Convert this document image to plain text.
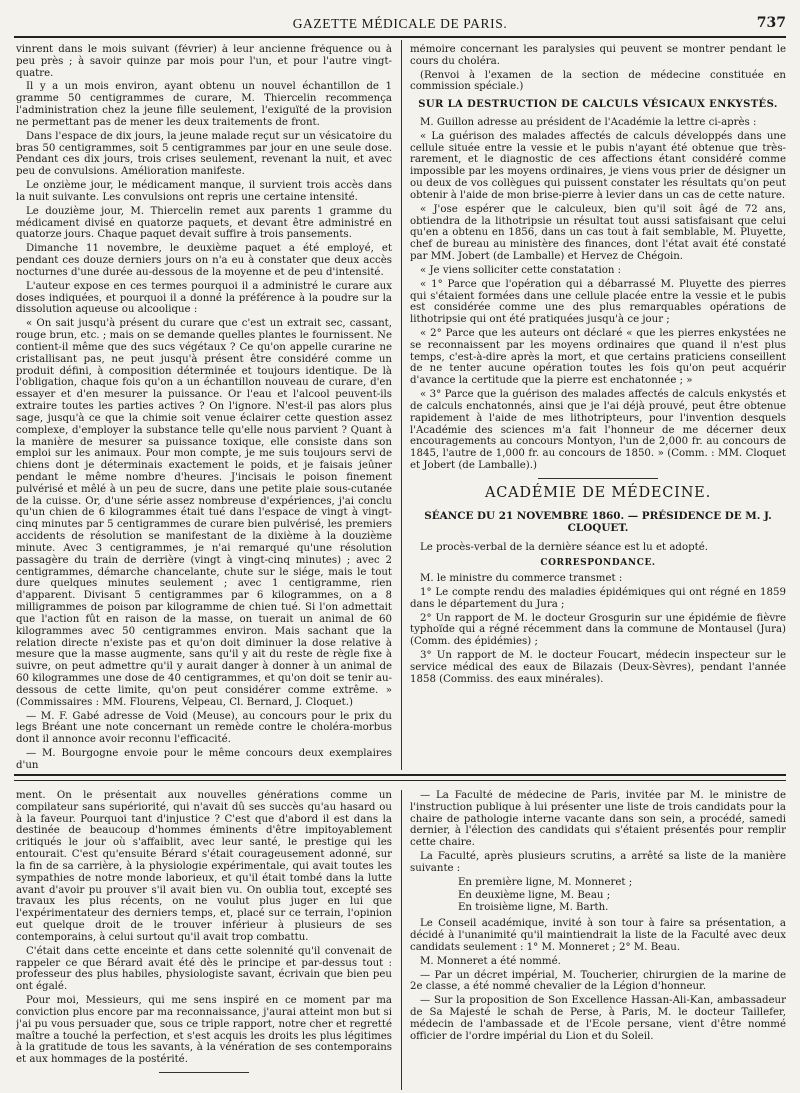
GAZETTE MÉDICALE DE PARIS.	737

vinrent dans le mois suivant (février) à leur ancienne fréquence ou à peu près ; à savoir quinze par mois pour l'un, et pour l'autre vingt-quatre.

Il y a un mois environ, ayant obtenu un nouvel échantillon de 1 gramme 50 centigrammes de curare, M. Thiercelin recommença l'administration chez la jeune fille seulement, l'exiguïté de la provision ne permettant pas de mener les deux traitements de front.

Dans l'espace de dix jours, la jeune malade reçut sur un vésicatoire du bras 50 centigrammes, soit 5 centigrammes par jour en une seule dose. Pendant ces dix jours, trois crises seulement, revenant la nuit, et avec peu de convulsions. Amélioration manifeste.

Le onzième jour, le médicament manque, il survient trois accès dans la nuit suivante. Les convulsions ont repris une certaine intensité.

Le douzième jour, M. Thiercelin remet aux parents 1 gramme du médicament divisé en quatorze paquets, et devant être administré en quatorze jours. Chaque paquet devait suffire à trois pansements.

Dimanche 11 novembre, le deuxième paquet a été employé, et pendant ces douze derniers jours on n'a eu à constater que deux accès nocturnes d'une durée au-dessous de la moyenne et de peu d'intensité.

L'auteur expose en ces termes pourquoi il a administré le curare aux doses indiquées, et pourquoi il a donné la préférence à la poudre sur la dissolution aqueuse ou alcoolique :

« On sait jusqu'à présent du curare que c'est un extrait sec, cassant, rouge brun, etc. ; mais on se demande quelles plantes le fournissent. Ne contient-il même que des sucs végétaux ? Ce qu'on appelle curarine ne cristallisant pas, ne peut jusqu'à présent être considéré comme un produit défini, à composition déterminée et toujours identique. De là l'obligation, chaque fois qu'on a un échantillon nouveau de curare, d'en essayer et d'en mesurer la puissance. Or l'eau et l'alcool peuvent-ils extraire toutes les parties actives ? On l'ignore. N'est-il pas alors plus sage, jusqu'à ce que la chimie soit venue éclairer cette question assez complexe, d'employer la substance telle qu'elle nous parvient ? Quant à la manière de mesurer sa puissance toxique, elle consiste dans son emploi sur les animaux. Pour mon compte, je me suis toujours servi de chiens dont je déterminais exactement le poids, et je faisais jeûner pendant le même nombre d'heures. J'incisais le poison finement pulvérisé et mêlé à un peu de sucre, dans une petite plaie sous-cutanée de la cuisse. Or, d'une série assez nombreuse d'expériences, j'ai conclu qu'un chien de 6 kilogrammes était tué dans l'espace de vingt à vingt-cinq minutes par 5 centigrammes de curare bien pulvérisé, les premiers accidents de résolution se manifestant de la dixième à la douzième minute. Avec 3 centigrammes, je n'ai remarqué qu'une résolution passagère du train de derrière (vingt à vingt-cinq minutes) ; avec 2 centigrammes, démarche chancelante, chute sur le siége, mais le tout dure quelques minutes seulement ; avec 1 centigramme, rien d'apparent. Divisant 5 centigrammes par 6 kilogrammes, on a 8 milligrammes de poison par kilogramme de chien tué. Si l'on admettait que l'action fût en raison de la masse, on tuerait un animal de 60 kilogrammes avec 50 centigrammes environ. Mais sachant que la relation directe n'existe pas et qu'on doit diminuer la dose relative à mesure que la masse augmente, sans qu'il y ait du reste de règle fixe à suivre, on peut admettre qu'il y aurait danger à donner à un animal de 60 kilogrammes une dose de 40 centigrammes, et qu'on doit se tenir au-dessous de cette limite, qu'on peut considérer comme extrême. » (Commissaires : MM. Flourens, Velpeau, Cl. Bernard, J. Cloquet.)

— M. F. Gabé adresse de Void (Meuse), au concours pour le prix du legs Bréant une note concernant un remède contre le choléra-morbus dont il annonce avoir reconnu l'efficacité.

— M. Bourgogne envoie pour le même concours deux exemplaires d'un

mémoire concernant les paralysies qui peuvent se montrer pendant le cours du choléra.

(Renvoi à l'examen de la section de médecine constituée en commission spéciale.)

SUR LA DESTRUCTION DE CALCULS VÉSICAUX ENKYSTÉS.

M. Guillon adresse au président de l'Académie la lettre ci-après :

« La guérison des malades affectés de calculs développés dans une cellule située entre la vessie et le pubis n'ayant été obtenue que très-rarement, et le diagnostic de ces affections étant considéré comme impossible par les moyens ordinaires, je viens vous prier de désigner un ou deux de vos collègues qui puissent constater les résultats qu'on peut obtenir à l'aide de mon brise-pierre à levier dans un cas de cette nature.

« J'ose espérer que le calculeux, bien qu'il soit âgé de 72 ans, obtiendra de la lithotripsie un résultat tout aussi satisfaisant que celui qu'en a obtenu en 1856, dans un cas tout à fait semblable, M. Pluyette, chef de bureau au ministère des finances, dont l'état avait été constaté par MM. Jobert (de Lamballe) et Hervez de Chégoin.

« Je viens solliciter cette constatation :

« 1° Parce que l'opération qui a débarrassé M. Pluyette des pierres qui s'étaient formées dans une cellule placée entre la vessie et le pubis est considérée comme une des plus remarquables opérations de lithotripsie qui ont été pratiquées jusqu'à ce jour ;

« 2° Parce que les auteurs ont déclaré « que les pierres enkystées ne se reconnaissent par les moyens ordinaires que quand il n'est plus temps, c'est-à-dire après la mort, et que certains praticiens conseillent de ne tenter aucune opération toutes les fois qu'on peut acquérir d'avance la certitude que la pierre est enchatonnée ; »

« 3° Parce que la guérison des malades affectés de calculs enkystés et de calculs enchatonnés, ainsi que je l'ai déjà prouvé, peut être obtenue rapidement à l'aide de mes lithotripteurs, pour l'invention desquels l'Académie des sciences m'a fait l'honneur de me décerner deux encouragements au concours Montyon, l'un de 2,000 fr. au concours de 1845, l'autre de 1,000 fr. au concours de 1850. » (Comm. : MM. Cloquet et Jobert (de Lamballe).)

ACADÉMIE DE MÉDECINE.
SÉANCE DU 21 NOVEMBRE 1860. — PRÉSIDENCE DE M. J. CLOQUET.

Le procès-verbal de la dernière séance est lu et adopté.

CORRESPONDANCE.

M. le ministre du commerce transmet :

1° Le compte rendu des maladies épidémiques qui ont régné en 1859 dans le département du Jura ;

2° Un rapport de M. le docteur Grosgurin sur une épidémie de fièvre typhoïde qui a régné récemment dans la commune de Montausel (Jura) (Comm. des épidémies) ;

3° Un rapport de M. le docteur Foucart, médecin inspecteur sur le service médical des eaux de Bilazais (Deux-Sèvres), pendant l'année 1858 (Commiss. des eaux minérales).

ment. On le présentait aux nouvelles générations comme un compilateur sans supériorité, qui n'avait dû ses succès qu'au hasard ou à la faveur. Pourquoi tant d'injustice ? C'est que d'abord il est dans la destinée de beaucoup d'hommes éminents d'être impitoyablement critiqués le jour où s'affaiblit, avec leur santé, le prestige qui les entourait. C'est qu'ensuite Bérard s'était courageusement adonné, sur la fin de sa carrière, à la physiologie expérimentale, qui avait toutes les sympathies de notre monde laborieux, et qu'il était tombé dans la lutte avant d'avoir pu prouver s'il avait bien vu. On oublia tout, excepté ses travaux les plus récents, on ne voulut plus juger en lui que l'expérimentateur des derniers temps, et, placé sur ce terrain, l'opinion eut quelque droit de le trouver inférieur à plusieurs de ses contemporains, à celui surtout qu'il avait trop combattu.

C'était dans cette enceinte et dans cette solennité qu'il convenait de rappeler ce que Bérard avait été dès le principe et par-dessus tout : professeur des plus habiles, physiologiste savant, écrivain que bien peu ont égalé.

Pour moi, Messieurs, qui me sens inspiré en ce moment par ma conviction plus encore par ma reconnaissance, j'aurai atteint mon but si j'ai pu vous persuader que, sous ce triple rapport, notre cher et regretté maître a touché la perfection, et s'est acquis les droits les plus légitimes à la gratitude de tous les savants, à la vénération de ses contemporains et aux hommages de la postérité.

— La Faculté de médecine de Paris, invitée par M. le ministre de l'instruction publique à lui présenter une liste de trois candidats pour la chaire de pathologie interne vacante dans son sein, a procédé, samedi dernier, à l'élection des candidats qui s'étaient présentés pour remplir cette chaire.

La Faculté, après plusieurs scrutins, a arrêté sa liste de la manière suivante :

En première ligne, M. Monneret ;
En deuxième ligne, M. Beau ;
En troisième ligne, M. Barth.

Le Conseil académique, invité à son tour à faire sa présentation, a décidé à l'unanimité qu'il maintiendrait la liste de la Faculté avec deux candidats seulement : 1° M. Monneret ; 2° M. Beau.

M. Monneret a été nommé.

— Par un décret impérial, M. Toucherier, chirurgien de la marine de 2e classe, a été nommé chevalier de la Légion d'honneur.

— Sur la proposition de Son Excellence Hassan-Ali-Kan, ambassadeur de Sa Majesté le schah de Perse, à Paris, M. le docteur Taillefer, médecin de l'ambassade et de l'Ecole persane, vient d'être nommé officier de l'ordre impérial du Lion et du Soleil.
